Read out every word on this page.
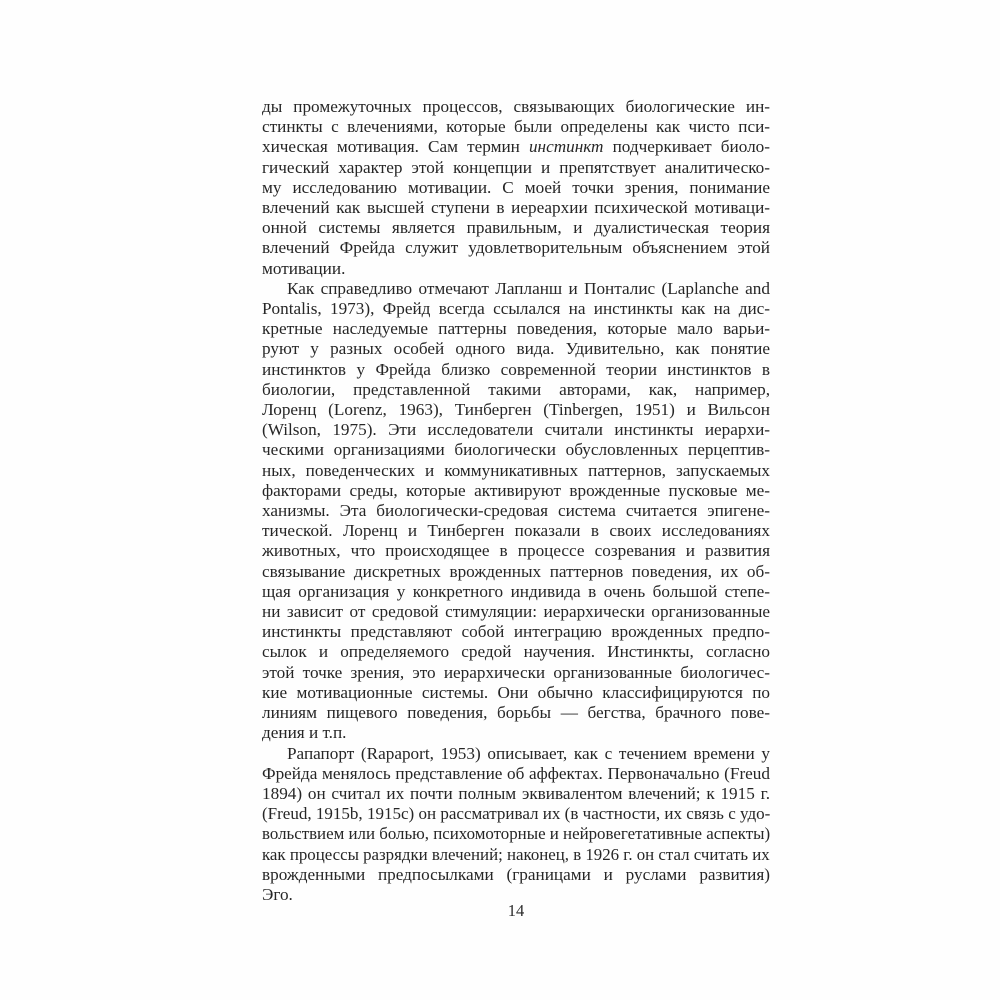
ды промежуточных процессов, связывающих биологические ин-
стинкты с влечениями, которые были определены как чисто пси-
хическая мотивация. Сам термин инстинкт подчеркивает биоло-
гический характер этой концепции и препятствует аналитическо-
му исследованию мотивации. С моей точки зрения, понимание
влечений как высшей ступени в иереархии психической мотиваци-
онной системы является правильным, и дуалистическая теория
влечений Фрейда служит удовлетворительным объяснением этой
мотивации.
Как справедливо отмечают Лапланш и Понталис (Laplanche and
Pontalis, 1973), Фрейд всегда ссылался на инстинкты как на дис-
кретные наследуемые паттерны поведения, которые мало варьи-
руют у разных особей одного вида. Удивительно, как понятие
инстинктов у Фрейда близко современной теории инстинктов в
биологии, представленной такими авторами, как, например,
Лоренц (Lorenz, 1963), Тинберген (Tinbergen, 1951) и Вильсон
(Wilson, 1975). Эти исследователи считали инстинкты иерархи-
ческими организациями биологически обусловленных перцептив-
ных, поведенческих и коммуникативных паттернов, запускаемых
факторами среды, которые активируют врожденные пусковые ме-
ханизмы. Эта биологически-средовая система считается эпигене-
тической. Лоренц и Тинберген показали в своих исследованиях
животных, что происходящее в процессе созревания и развития
связывание дискретных врожденных паттернов поведения, их об-
щая организация у конкретного индивида в очень большой степе-
ни зависит от средовой стимуляции: иерархически организованные
инстинкты представляют собой интеграцию врожденных предпо-
сылок и определяемого средой научения. Инстинкты, согласно
этой точке зрения, это иерархически организованные биологичес-
кие мотивационные системы. Они обычно классифицируются по
линиям пищевого поведения, борьбы — бегства, брачного пове-
дения и т.п.
Рапапорт (Rapaport, 1953) описывает, как с течением времени у
Фрейда менялось представление об аффектах. Первоначально (Freud
1894) он считал их почти полным эквивалентом влечений; к 1915 г.
(Freud, 1915b, 1915c) он рассматривал их (в частности, их связь с удо-
вольствием или болью, психомоторные и нейровегетативные аспекты)
как процессы разрядки влечений; наконец, в 1926 г. он стал считать их
врожденными предпосылками (границами и руслами развития)
Эго.
14
